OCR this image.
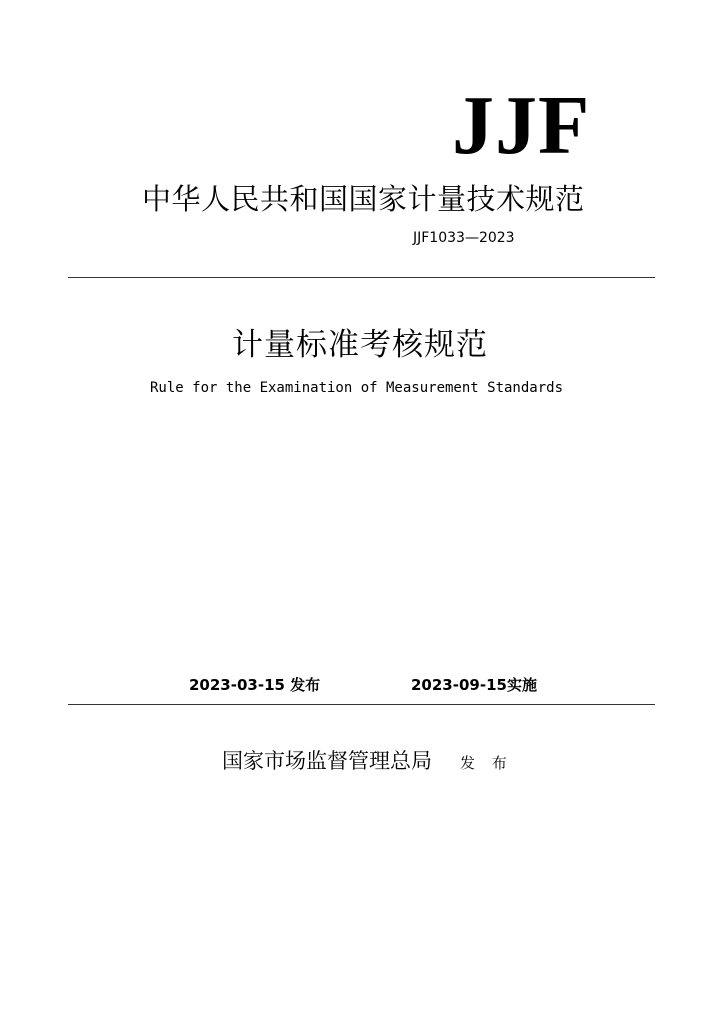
JJF
中华人民共和国国家计量技术规范
JJF1033—2023
计量标准考核规范
Rule for the Examination of Measurement Standards
2023-03-15 发布	2023-09-15实施
国家市场监督管理总局 发 布
